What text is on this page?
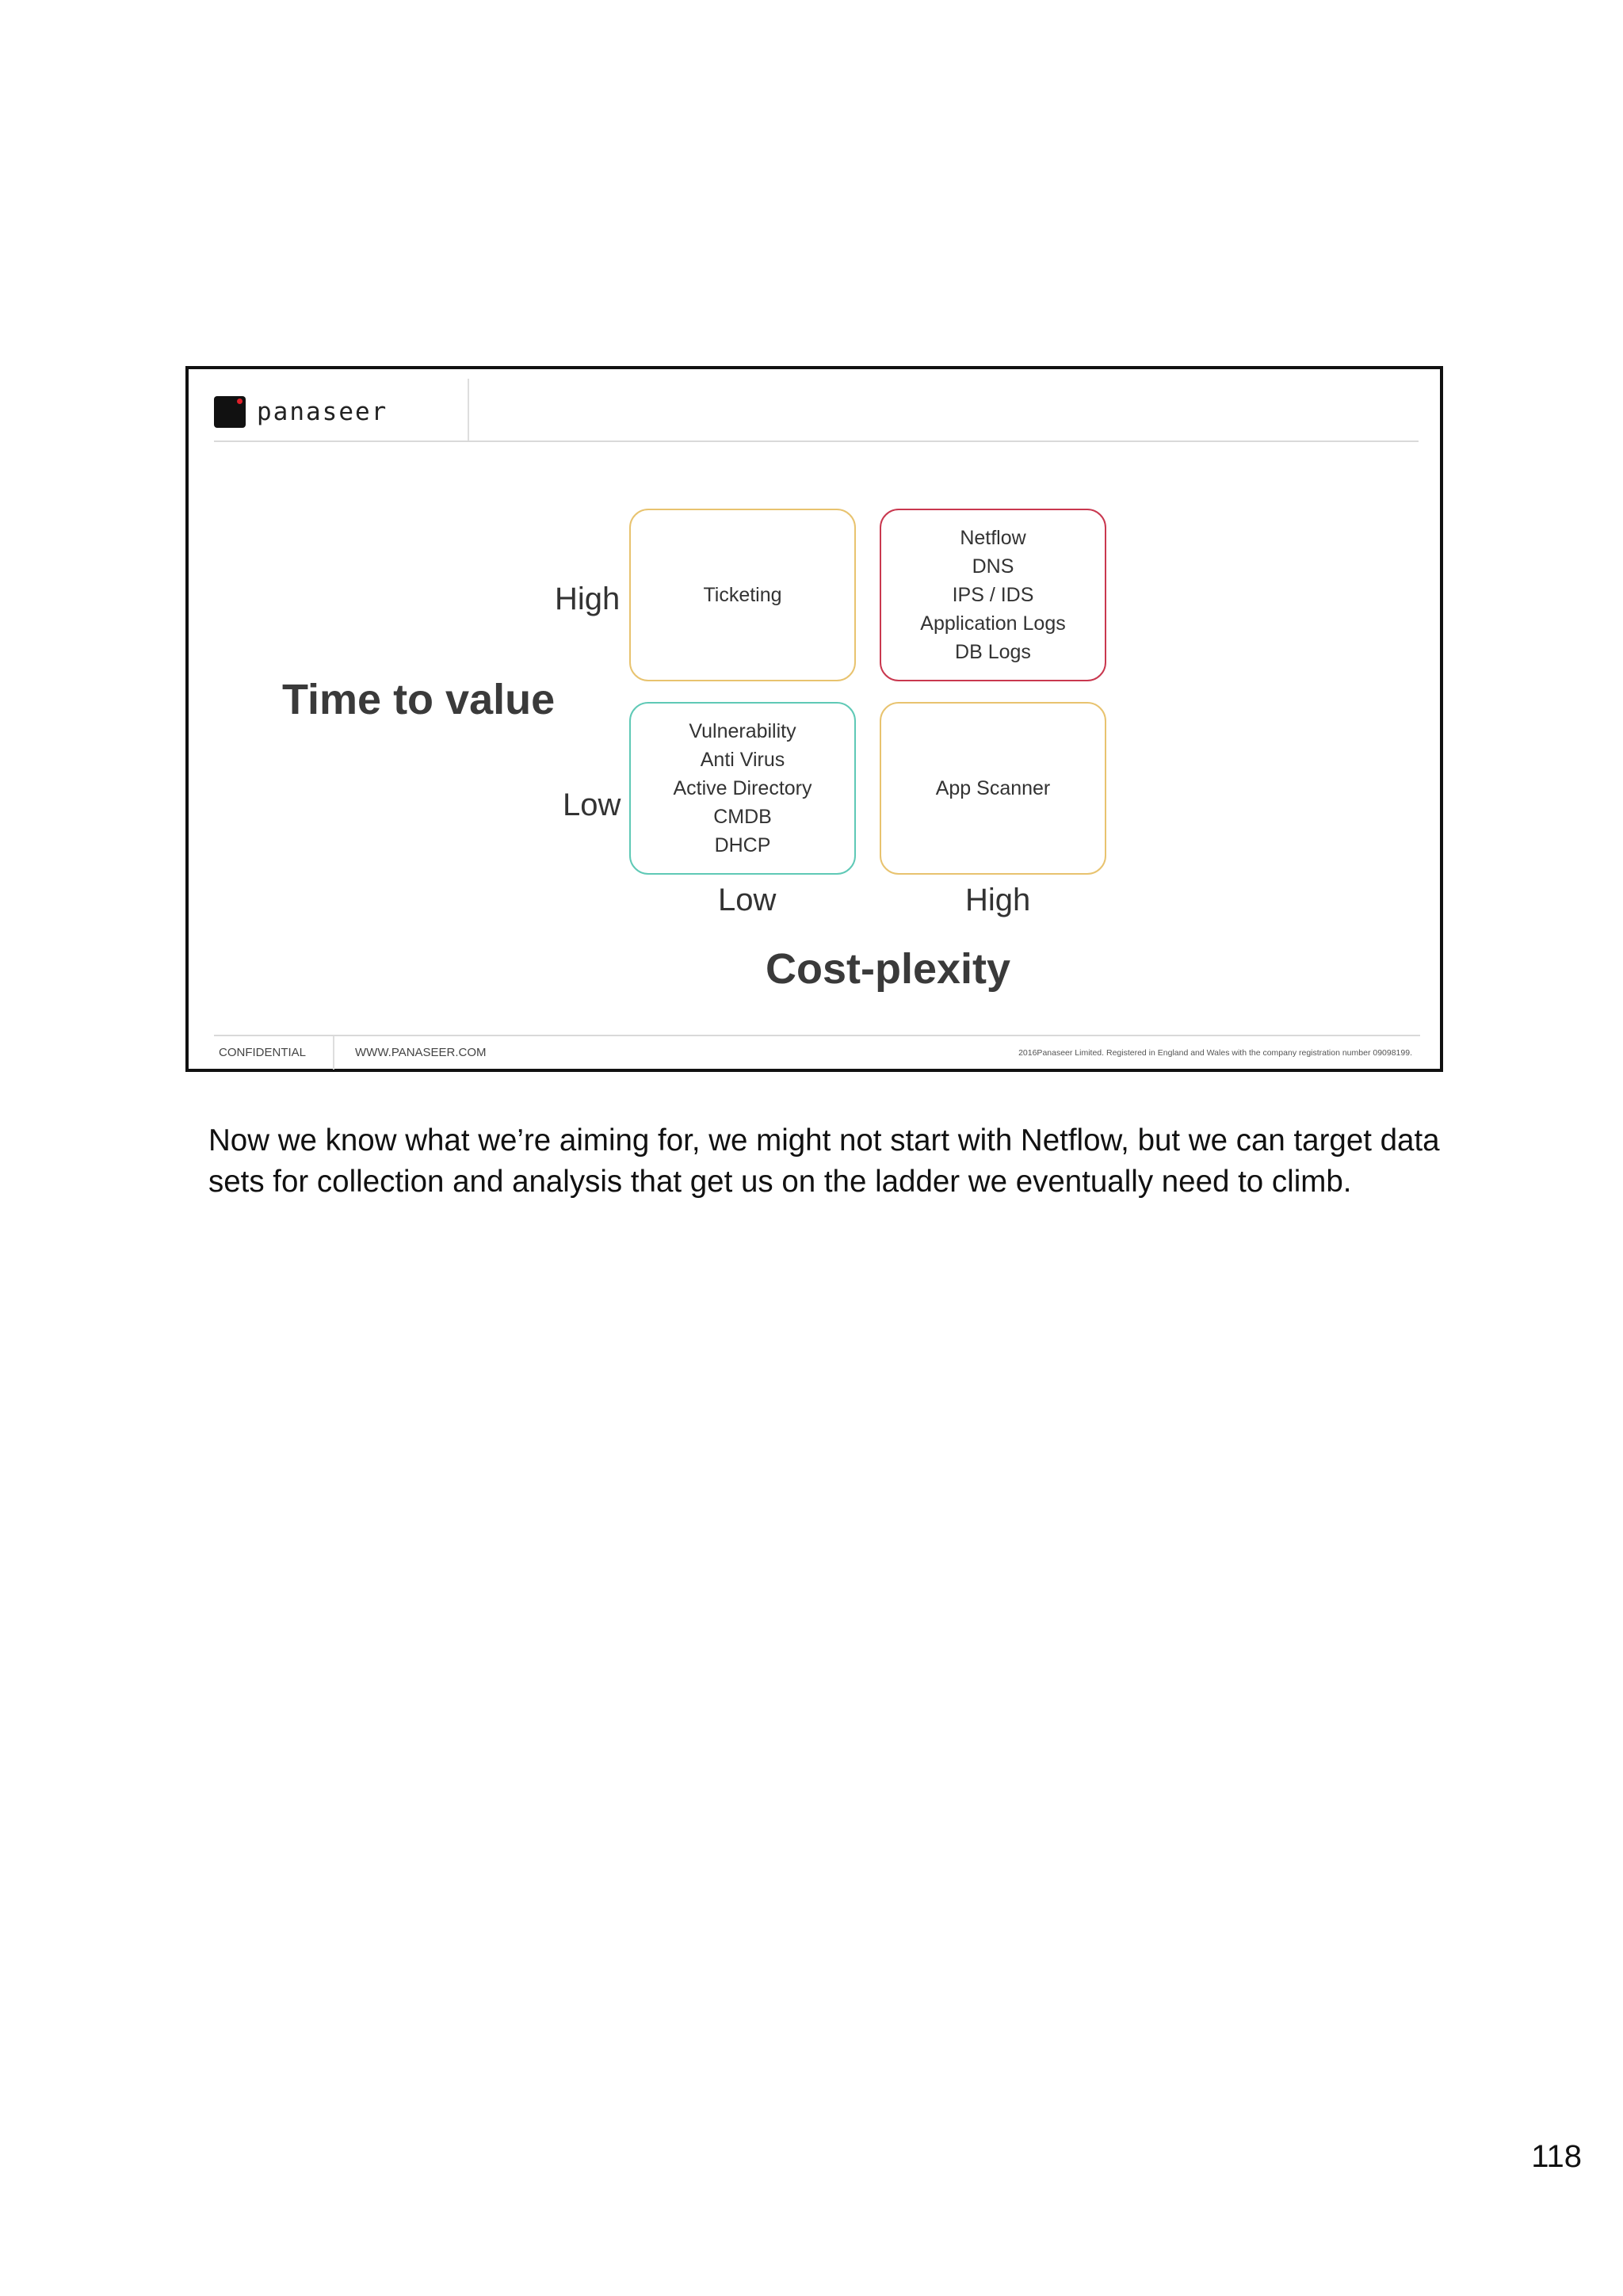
panaseer
Time to value
High
Low
Ticketing
Netflow
DNS
IPS / IDS
Application Logs
DB Logs
Vulnerability
Anti Virus
Active Directory
CMDB
DHCP
App Scanner
Low	High
Cost-plexity
CONFIDENTIAL	WWW.PANASEER.COM	2016Panaseer Limited. Registered in England and Wales with the company registration number 09098199.
Now we know what we’re aiming for, we might not start with Netflow, but we can target data sets for collection and analysis that get us on the ladder we eventually need to climb.
118
